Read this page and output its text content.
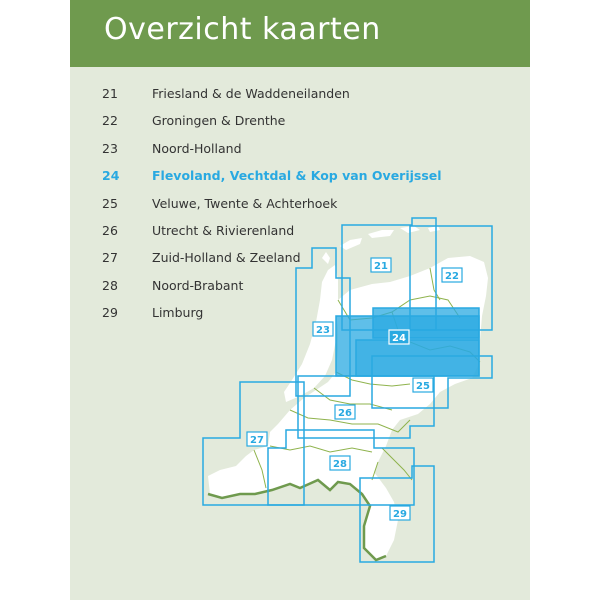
Overzicht kaarten
21	Friesland & de Waddeneilanden
22	Groningen & Drenthe
23	Noord-Holland
24	Flevoland, Vechtdal & Kop van Overijssel
25	Veluwe, Twente & Achterhoek
26	Utrecht & Rivierenland
27	Zuid-Holland & Zeeland
28	Noord-Brabant
29	Limburg
21
22
23
24
25
26
27
28
29
